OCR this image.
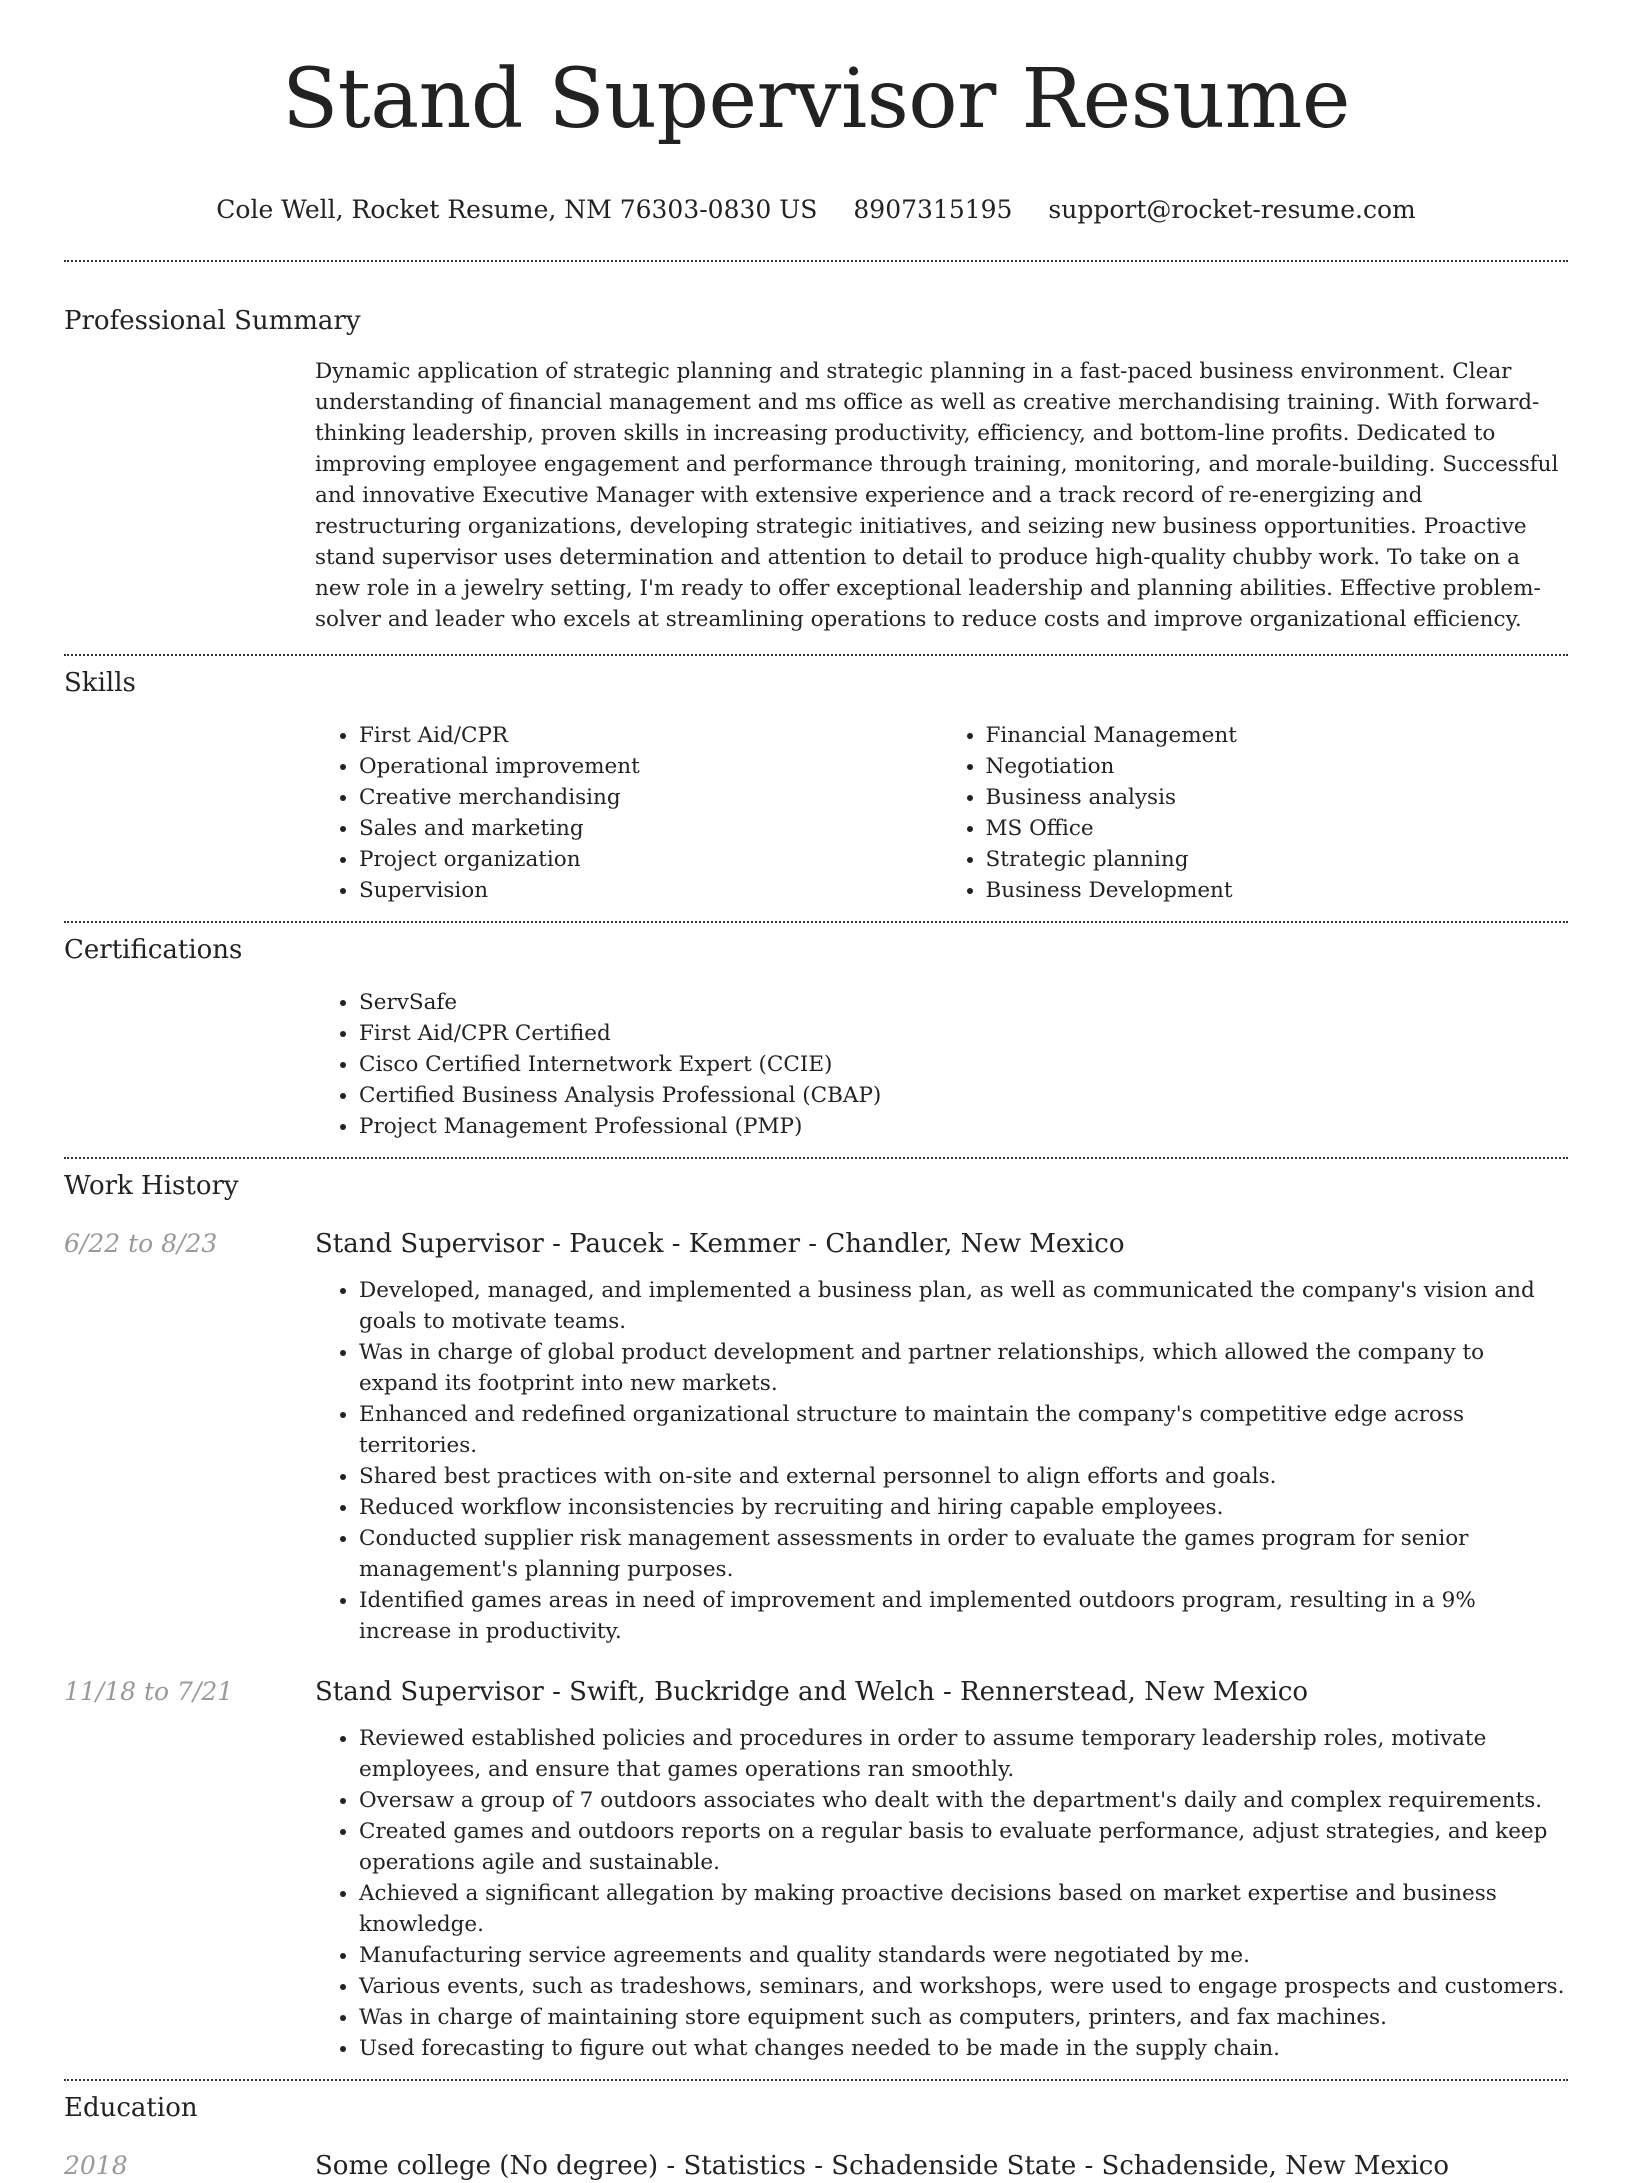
Stand Supervisor Resume
Cole Well, Rocket Resume, NM 76303-0830 US 8907315195 support@rocket-resume.com
Professional Summary

Dynamic application of strategic planning and strategic planning in a fast-paced business environment. Clear understanding of financial management and ms office as well as creative merchandising training. With forward-thinking leadership, proven skills in increasing productivity, efficiency, and bottom-line profits. Dedicated to improving employee engagement and performance through training, monitoring, and morale-building. Successful and innovative Executive Manager with extensive experience and a track record of re-energizing and restructuring organizations, developing strategic initiatives, and seizing new business opportunities. Proactive stand supervisor uses determination and attention to detail to produce high-quality chubby work. To take on a new role in a jewelry setting, I'm ready to offer exceptional leadership and planning abilities. Effective problem-solver and leader who excels at streamlining operations to reduce costs and improve organizational efficiency.

Skills
• First Aid/CPR
• Operational improvement
• Creative merchandising
• Sales and marketing
• Project organization
• Supervision
• Financial Management
• Negotiation
• Business analysis
• MS Office
• Strategic planning
• Business Development
Certifications
• ServSafe
• First Aid/CPR Certified
• Cisco Certified Internetwork Expert (CCIE)
• Certified Business Analysis Professional (CBAP)
• Project Management Professional (PMP)
Work History
6/22 to 8/23	Stand Supervisor - Paucek - Kemmer - Chandler, New Mexico
• Developed, managed, and implemented a business plan, as well as communicated the company's vision and goals to motivate teams.
• Was in charge of global product development and partner relationships, which allowed the company to expand its footprint into new markets.
• Enhanced and redefined organizational structure to maintain the company's competitive edge across territories.
• Shared best practices with on-site and external personnel to align efforts and goals.
• Reduced workflow inconsistencies by recruiting and hiring capable employees.
• Conducted supplier risk management assessments in order to evaluate the games program for senior management's planning purposes.
• Identified games areas in need of improvement and implemented outdoors program, resulting in a 9% increase in productivity.
11/18 to 7/21	Stand Supervisor - Swift, Buckridge and Welch - Rennerstead, New Mexico
• Reviewed established policies and procedures in order to assume temporary leadership roles, motivate employees, and ensure that games operations ran smoothly.
• Oversaw a group of 7 outdoors associates who dealt with the department's daily and complex requirements.
• Created games and outdoors reports on a regular basis to evaluate performance, adjust strategies, and keep operations agile and sustainable.
• Achieved a significant allegation by making proactive decisions based on market expertise and business knowledge.
• Manufacturing service agreements and quality standards were negotiated by me.
• Various events, such as tradeshows, seminars, and workshops, were used to engage prospects and customers.
• Was in charge of maintaining store equipment such as computers, printers, and fax machines.
• Used forecasting to figure out what changes needed to be made in the supply chain.
Education
2018	Some college (No degree) - Statistics - Schadenside State - Schadenside, New Mexico
